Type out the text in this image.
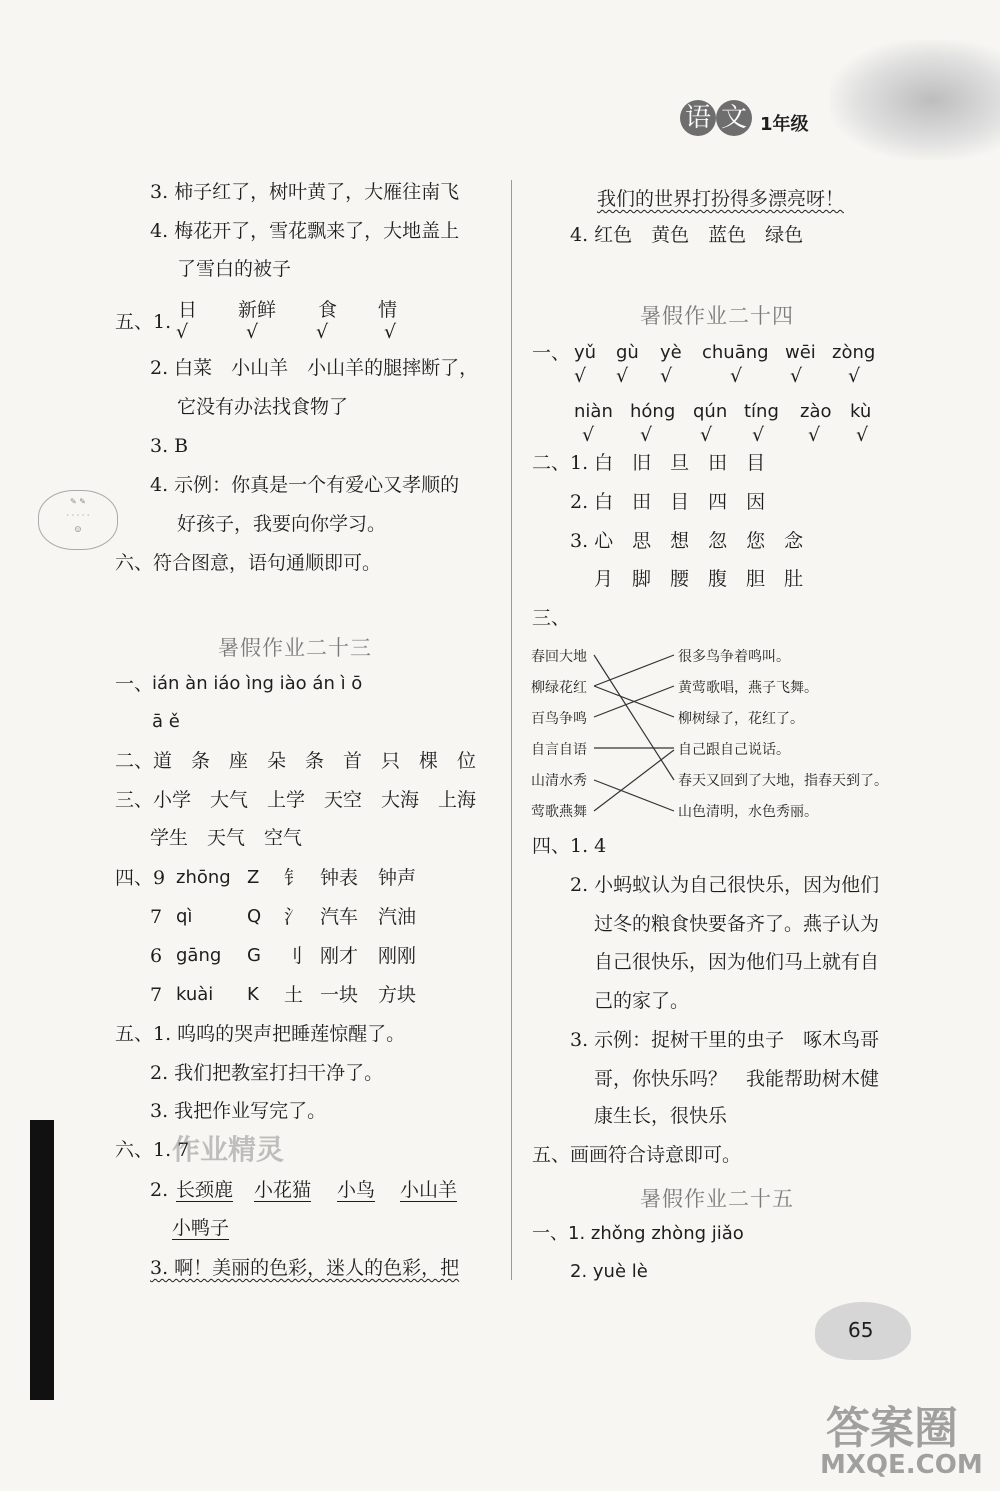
语 文 1年级
3. 柿子红了，树叶黄了，大雁往南飞
4. 梅花开了，雪花飘来了，大地盖上
了雪白的被子
五、1.
日 新鲜 食 情
√	√	√	√
2. 白菜　小山羊　小山羊的腿摔断了，
它没有办法找食物了
3. B
4. 示例：你真是一个有爱心又孝顺的
好孩子，我要向你学习。
六、符合图意，语句通顺即可。
✎ ✎
· · · · ·
☺
暑假作业二十三
一、
ián àn iáo ìng iào án ì ō
ā ě
二、道　条　座　朵　条　首　只　棵　位
三、小学　大气　上学　天空　大海　上海
学生　天气　空气
四、9 zhōng Z 钅 钟表 钟声
7 qì	Q 氵 汽车 汽油
6 gāng G 刂 刚才 刚刚
7 kuài K 土 一块 方块
五、1. 呜呜的哭声把睡莲惊醒了。
2. 我们把教室打扫干净了。
3. 我把作业写完了。
六、1. 7
作业精灵
2. 长颈鹿 小花猫 小鸟 小山羊
小鸭子
3. 啊！美丽的色彩，迷人的色彩，把
我们的世界打扮得多漂亮呀！
4. 红色　黄色　蓝色　绿色
暑假作业二十四
一、 yǔ gù yè chuāng wēi zòng
√ √ √	√	√ √
niàn hóng qún tíng zào kù
√ √	√ √ √ √
二、1. 白　旧　旦　田　目
2. 白　田　目　四　因
3. 心　思　想　忽　您　念
月　脚　腰　腹　胆　肚
三、
春回大地
柳绿花红
百鸟争鸣
自言自语
山清水秀
莺歌燕舞
很多鸟争着鸣叫。
黄莺歌唱，燕子飞舞。
柳树绿了，花红了。
自己跟自己说话。
春天又回到了大地，指春天到了。
山色清明，水色秀丽。
四、1. 4
2. 小蚂蚁认为自己很快乐，因为他们
过冬的粮食快要备齐了。燕子认为
自己很快乐，因为他们马上就有自
己的家了。
3. 示例：捉树干里的虫子　啄木鸟哥
哥，你快乐吗？　我能帮助树木健
康生长，很快乐
五、画画符合诗意即可。
暑假作业二十五
一、1. zhǒng zhòng jiǎo
2. yuè lè
65
答案圈
MXQE.COM
